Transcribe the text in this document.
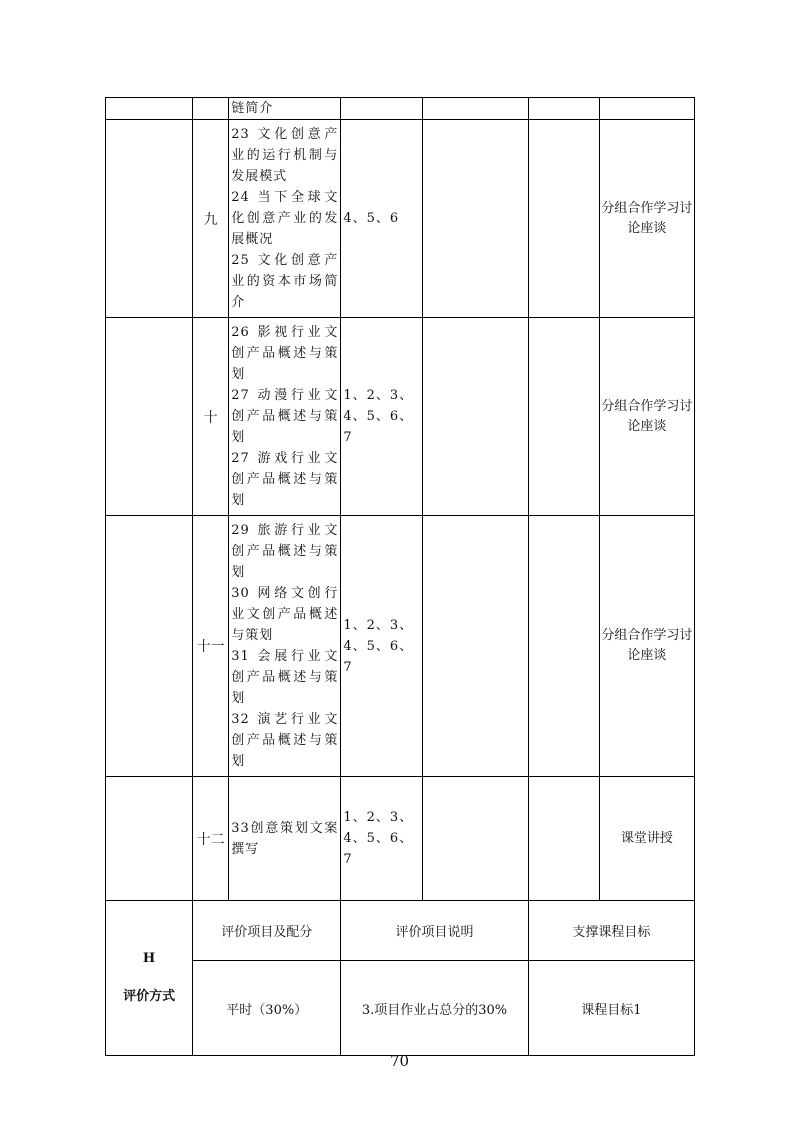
		链简介				

	九	23 文化创意产业的运行机制与发展模式
24 当下全球文化创意产业的发展概况
25 文化创意产业的资本市场简介	4、5、6			分组合作学习讨论座谈
	十	26 影视行业文创产品概述与策划
27 动漫行业文创产品概述与策划
27 游戏行业文创产品概述与策划	1、2、3、4、5、6、7			分组合作学习讨论座谈
	十一	29 旅游行业文创产品概述与策划
30 网络文创行业文创产品概述与策划
31 会展行业文创产品概述与策划
32 演艺行业文创产品概述与策划	1、2、3、4、5、6、7			分组合作学习讨论座谈
	十二	33创意策划文案撰写	1、2、3、4、5、6、7			课堂讲授

H
评价方式	评价项目及配分		评价项目说明		支撑课程目标	
	平时（30%）		3.项目作业占总分的30%		课程目标1	
70
